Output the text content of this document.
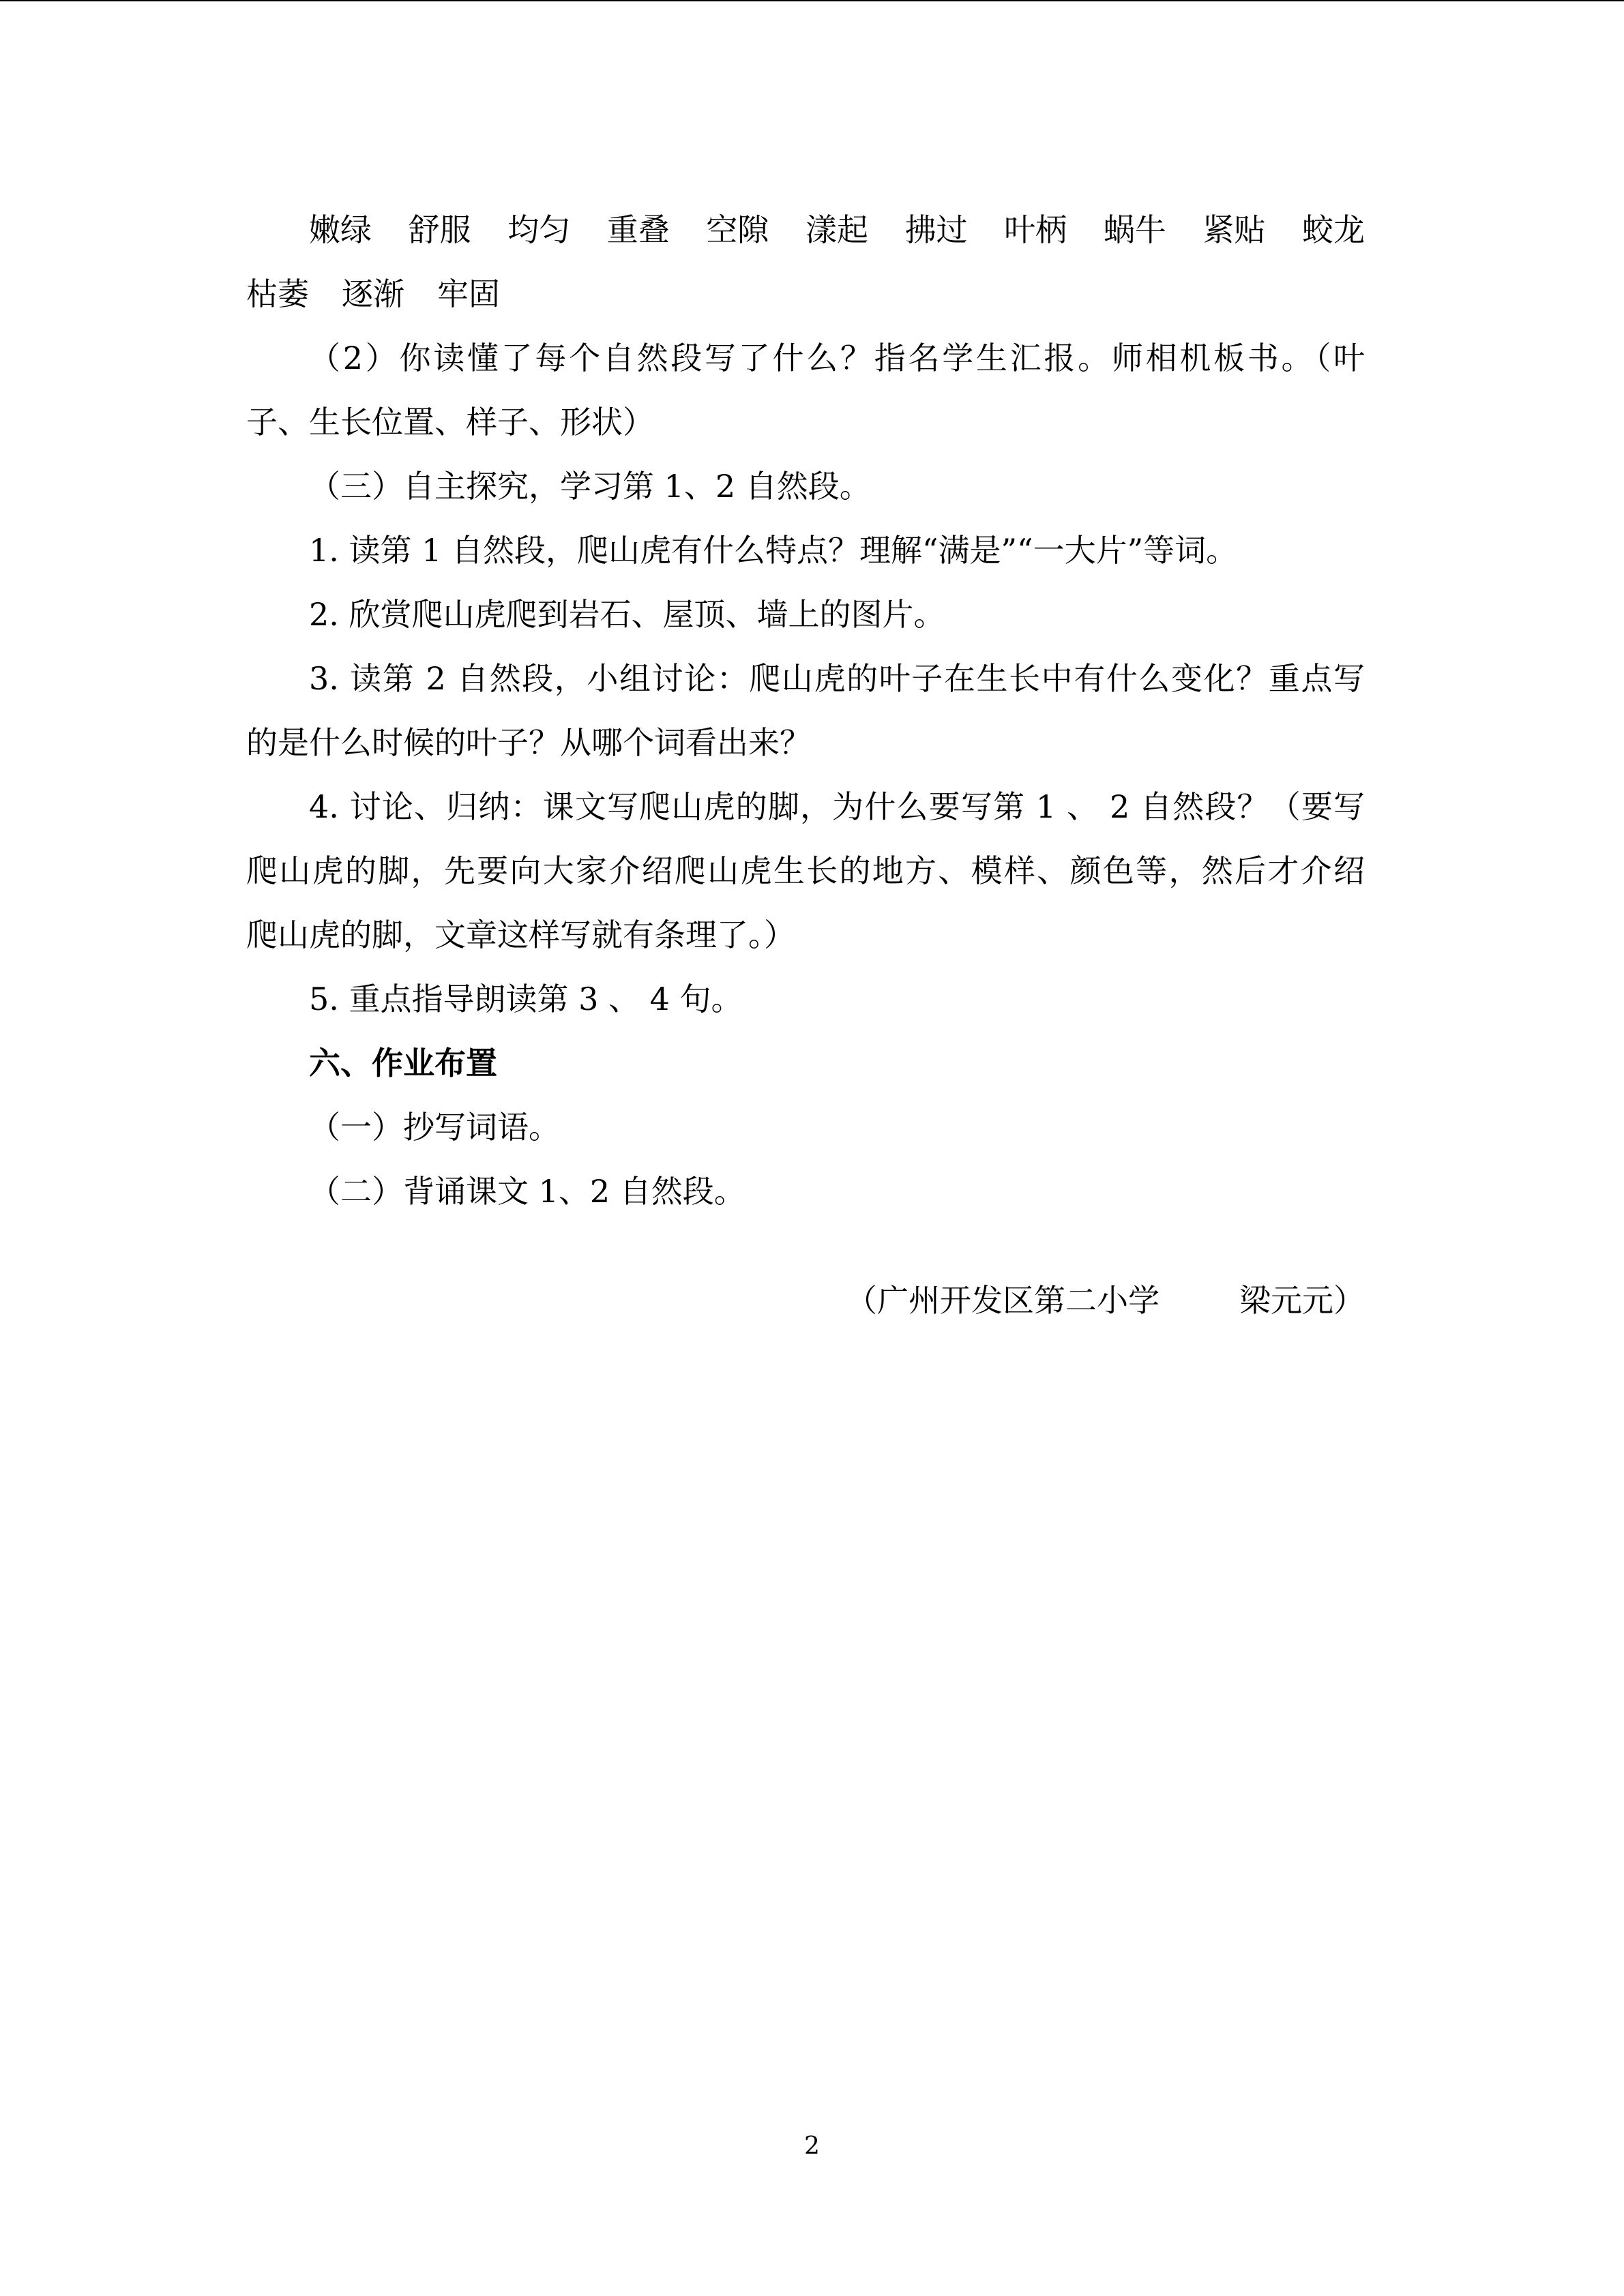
嫩绿 舒服 均匀 重叠 空隙 漾起 拂过 叶柄 蜗牛 紧贴 蛟龙
枯萎 逐渐 牢固
（2）你读懂了每个自然段写了什么？指名学生汇报。师相机板书。（叶
子、生长位置、样子、形状）
（三）自主探究，学习第 1、2 自然段。
1. 读第 1 自然段，爬山虎有什么特点？理解“满是”“一大片”等词。
2. 欣赏爬山虎爬到岩石、屋顶、墙上的图片。
3. 读第 2 自然段，小组讨论：爬山虎的叶子在生长中有什么变化？重点写
的是什么时候的叶子？从哪个词看出来？
4. 讨论、归纳：课文写爬山虎的脚，为什么要写第 1 、 2 自然段？（要写
爬山虎的脚，先要向大家介绍爬山虎生长的地方、模样、颜色等，然后才介绍
爬山虎的脚，文章这样写就有条理了。）
5. 重点指导朗读第 3 、 4 句。
六、作业布置
（一）抄写词语。
（二）背诵课文 1、2 自然段。
（广州开发区第二小学        梁元元）
2
